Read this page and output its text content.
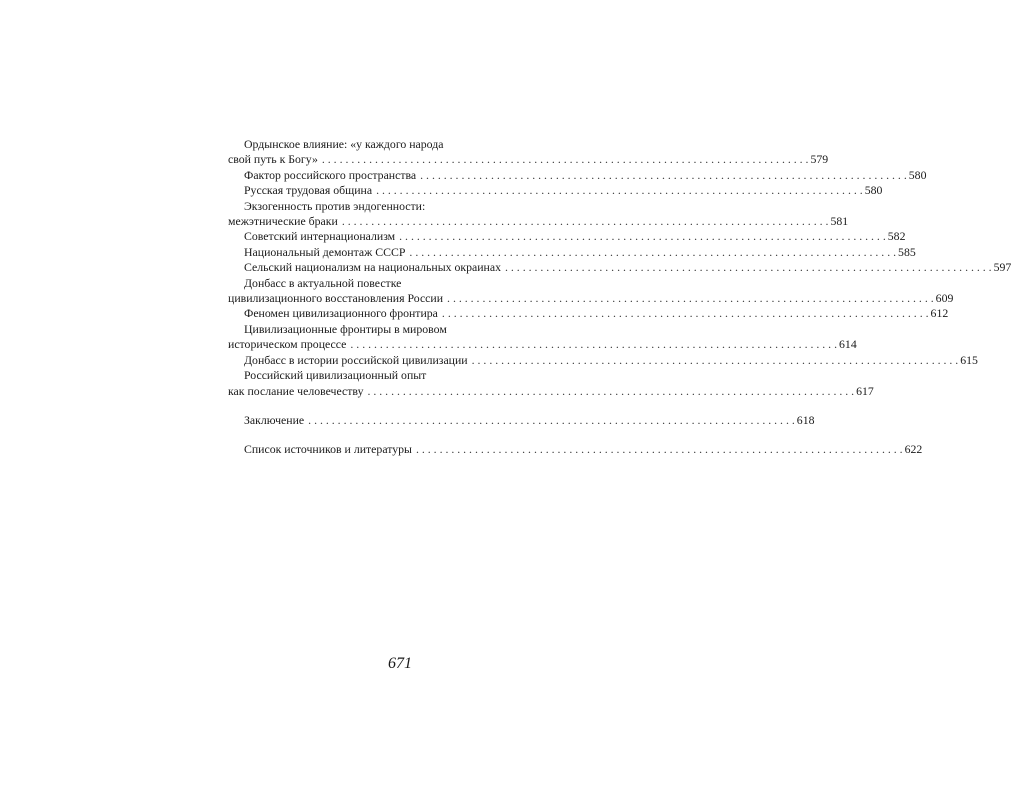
Ордынское влияние: «у каждого народа
свой путь к Богу» . . .	579
Фактор российского пространства . . .	580
Русская трудовая община . . .	580
Экзогенность против эндогенности:
межэтнические браки . . .	581
Советский интернационализм . . .	582
Национальный демонтаж СССР . . .	585
Сельский национализм на национальных окраинах . . .	597
Донбасс в актуальной повестке
цивилизационного восстановления России . . .	609
Феномен цивилизационного фронтира . . .	612
Цивилизационные фронтиры в мировом
историческом процессе . . .	614
Донбасс в истории российской цивилизации . . .	615
Российский цивилизационный опыт
как послание человечеству . . .	617
Заключение . . .	618
Список источников и литературы . . .	622
671
